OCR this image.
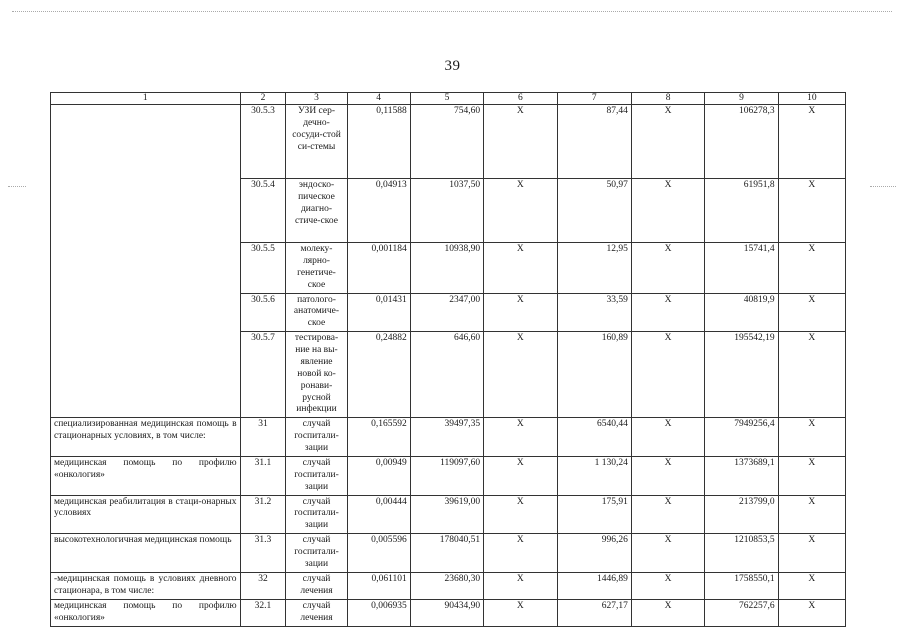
39
1	2	3	4	5	6	7	8	9	10
	30.5.3	УЗИ сер-дечно-сосуди-стой си-стемы	0,11588	754,60	Х	87,44	Х	106278,3	Х
	30.5.4	эндоско-пическое диагно-стиче-ское	0,04913	1037,50	Х	50,97	Х	61951,8	Х
	30.5.5	молеку-лярно-генетиче-ское	0,001184	10938,90	Х	12,95	Х	15741,4	Х
	30.5.6	патолого-анатомиче-ское	0,01431	2347,00	Х	33,59	Х	40819,9	Х
	30.5.7	тестирова-ние на вы-явление новой ко-ронави-русной инфекции	0,24882	646,60	Х	160,89	Х	195542,19	Х
специализированная медицинская помощь в стационарных условиях, в том числе:	31	случай госпитали-зации	0,165592	39497,35	Х	6540,44	Х	7949256,4	Х
медицинская помощь по профилю «онкология»	31.1	случай госпитали-зации	0,00949	119097,60	Х	1 130,24	Х	1373689,1	Х
медицинская реабилитация в стаци-онарных условиях	31.2	случай госпитали-зации	0,00444	39619,00	Х	175,91	Х	213799,0	Х
высокотехнологичная медицинская помощь	31.3	случай госпитали-зации	0,005596	178040,51	Х	996,26	Х	1210853,5	Х
-медицинская помощь в условиях дневного стационара, в том числе:	32	случай лечения	0,061101	23680,30	Х	1446,89	Х	1758550,1	Х
медицинская помощь по профилю «онкология»	32.1	случай лечения	0,006935	90434,90	Х	627,17	Х	762257,6	Х
